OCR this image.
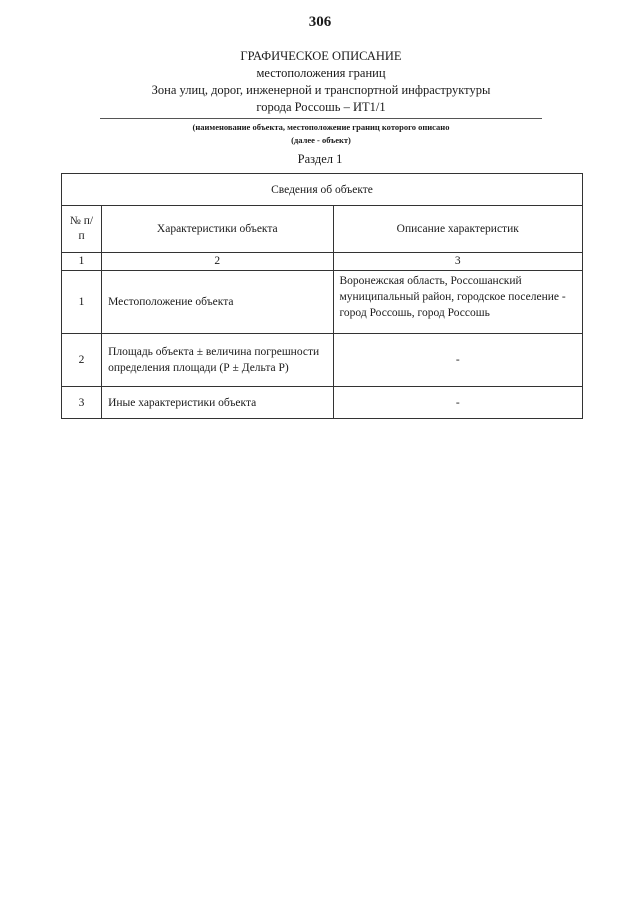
306
ГРАФИЧЕСКОЕ ОПИСАНИЕ
местоположения границ
Зона улиц, дорог, инженерной и транспортной инфраструктуры
города Россошь – ИТ1/1
(наименование объекта, местоположение границ которого описано
(далее - объект)
Раздел 1
Сведения об объекте		
№ п/п	Характеристики объекта	Описание характеристик
1	2	3
1	Местоположение объекта	Воронежская область, Россошанский муниципальный район, городское поселение - город Россошь, город Россошь
2	Площадь объекта ± величина погрешности определения площади (Р ± Дельта Р)	-
3	Иные характеристики объекта	-
